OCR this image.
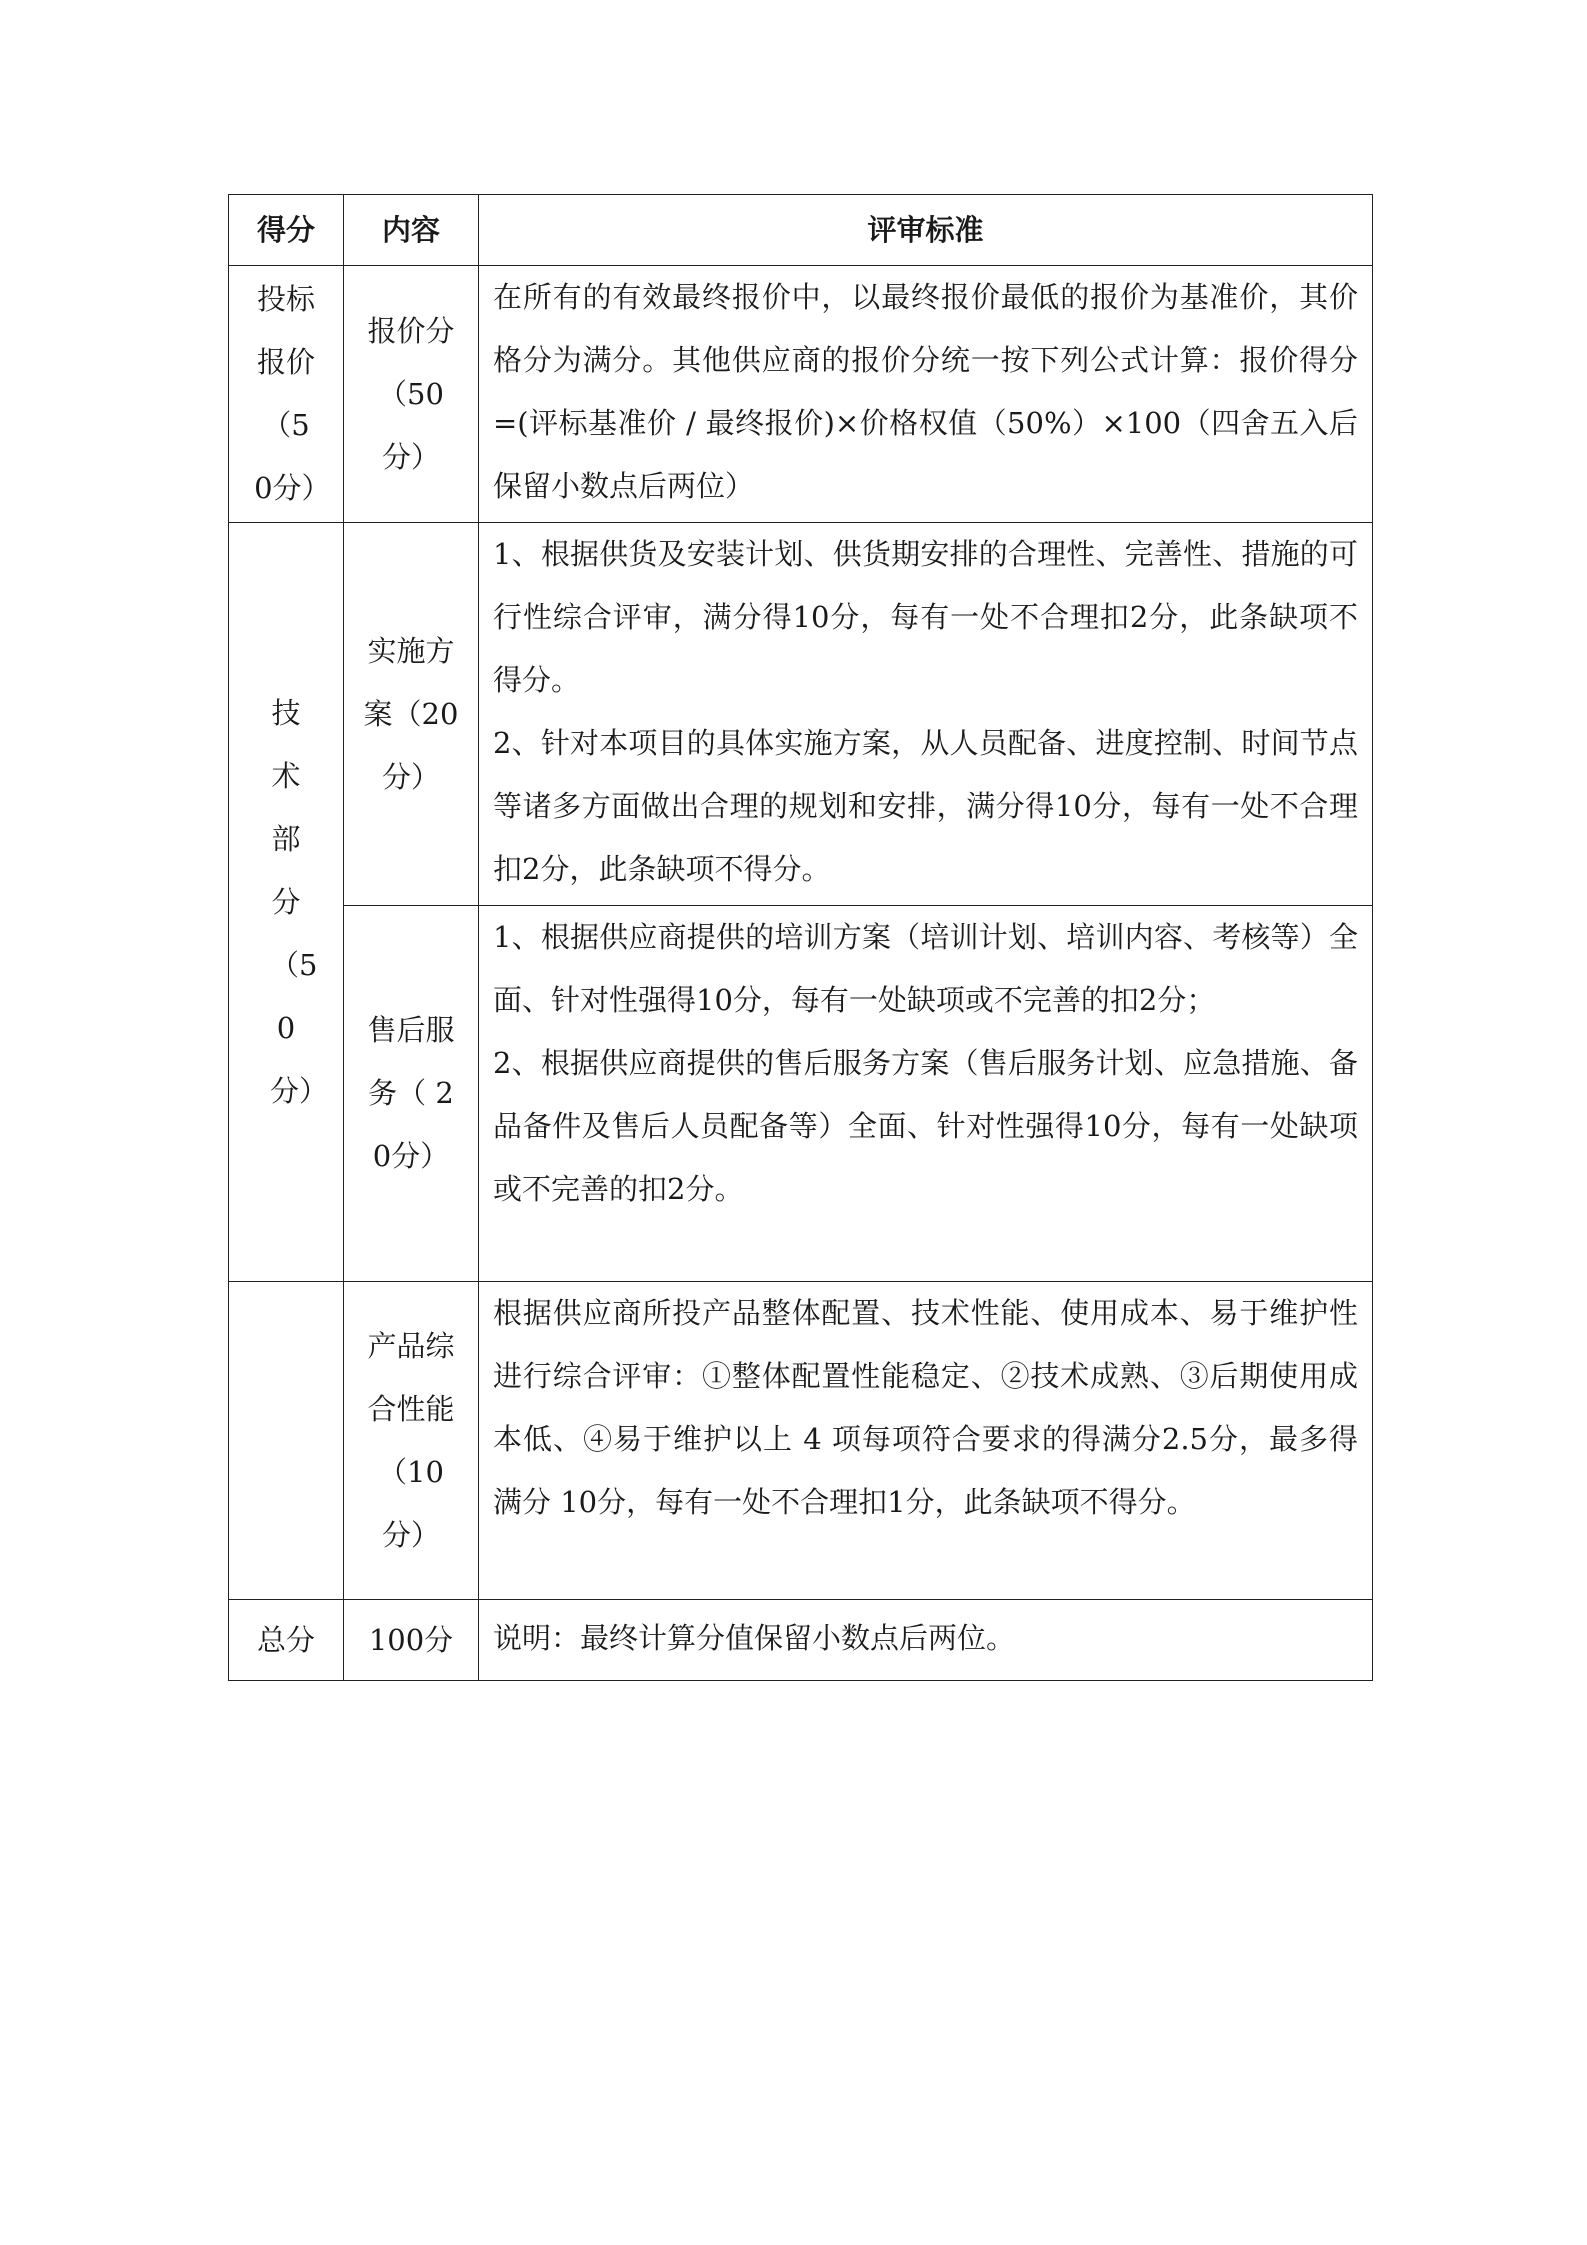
得分	内容	评审标准
投标报价（50分）	报价分（50分）	在所有的有效最终报价中，以最终报价最低的报价为基准价，其价格分为满分。其他供应商的报价分统一按下列公式计算：报价得分=(评标基准价 / 最终报价)×价格权值（50%）×100（四舍五入后保留小数点后两位）

技术部分（50分）	实施方案（20分）	1、根据供货及安装计划、供货期安排的合理性、完善性、措施的可行性综合评审，满分得10分，每有一处不合理扣2分，此条缺项不得分。
2、针对本项目的具体实施方案，从人员配备、进度控制、时间节点等诸多方面做出合理的规划和安排，满分得10分，每有一处不合理扣2分，此条缺项不得分。

	售后服务（ 20分）	1、根据供应商提供的培训方案（培训计划、培训内容、考核等）全面、针对性强得10分，每有一处缺项或不完善的扣2分；
2、根据供应商提供的售后服务方案（售后服务计划、应急措施、备品备件及售后人员配备等）全面、针对性强得10分，每有一处缺项或不完善的扣2分。

	产品综合性能（10分）	根据供应商所投产品整体配置、技术性能、使用成本、易于维护性进行综合评审：①整体配置性能稳定、②技术成熟、③后期使用成本低、④易于维护以上 4 项每项符合要求的得满分2.5分，最多得满分 10分，每有一处不合理扣1分，此条缺项不得分。

总分	100分	说明：最终计算分值保留小数点后两位。
